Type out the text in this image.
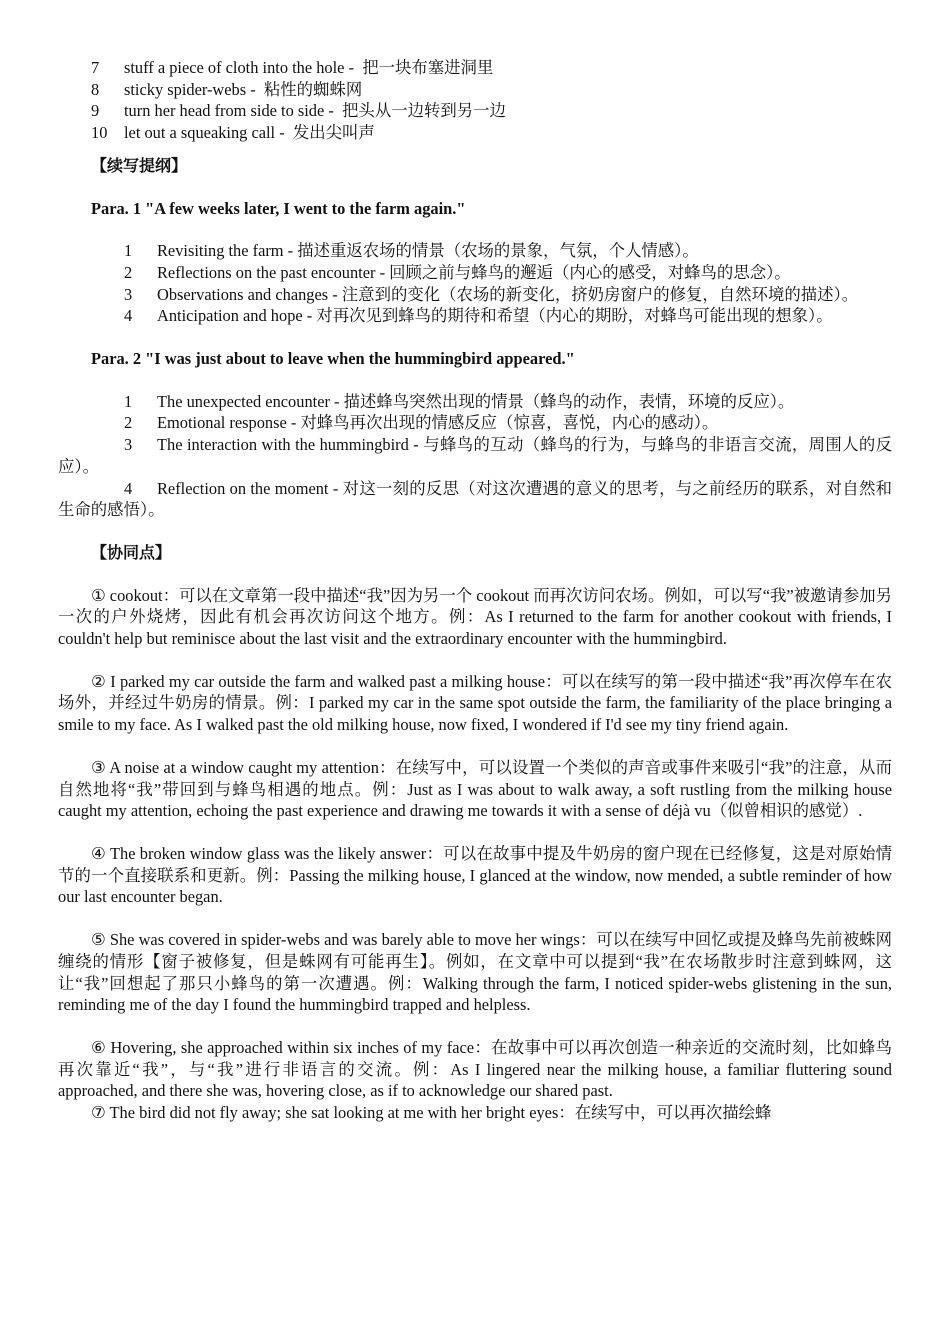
7	stuff a piece of cloth into the hole - 把一块布塞进洞里
8	sticky spider-webs - 粘性的蜘蛛网
9	turn her head from side to side - 把头从一边转到另一边
10	let out a squeaking call - 发出尖叫声
【续写提纲】
Para. 1 "A few weeks later, I went to the farm again."
1 Revisiting the farm - 描述重返农场的情景（农场的景象，气氛，个人情感）。
2 Reflections on the past encounter - 回顾之前与蜂鸟的邂逅（内心的感受，对蜂鸟的思念）。
3 Observations and changes - 注意到的变化（农场的新变化，挤奶房窗户的修复，自然环境的描述）。
4 Anticipation and hope - 对再次见到蜂鸟的期待和希望（内心的期盼，对蜂鸟可能出现的想象）。
Para. 2 "I was just about to leave when the hummingbird appeared."
1 The unexpected encounter - 描述蜂鸟突然出现的情景（蜂鸟的动作，表情，环境的反应）。
2 Emotional response - 对蜂鸟再次出现的情感反应（惊喜，喜悦，内心的感动）。
3 The interaction with the hummingbird - 与蜂鸟的互动（蜂鸟的行为，与蜂鸟的非语言交流，周围人的反应）。
4 Reflection on the moment - 对这一刻的反思（对这次遭遇的意义的思考，与之前经历的联系，对自然和生命的感悟）。
【协同点】

① cookout：可以在文章第一段中描述“我”因为另一个 cookout 而再次访问农场。例如，可以写“我”被邀请参加另一次的户外烧烤，因此有机会再次访问这个地方。例：As I returned to the farm for another cookout with friends, I couldn't help but reminisce about the last visit and the extraordinary encounter with the hummingbird.

② I parked my car outside the farm and walked past a milking house：可以在续写的第一段中描述“我”再次停车在农场外，并经过牛奶房的情景。例：I parked my car in the same spot outside the farm, the familiarity of the place bringing a smile to my face. As I walked past the old milking house, now fixed, I wondered if I'd see my tiny friend again.

③ A noise at a window caught my attention：在续写中，可以设置一个类似的声音或事件来吸引“我”的注意，从而自然地将“我”带回到与蜂鸟相遇的地点。例：Just as I was about to walk away, a soft rustling from the milking house caught my attention, echoing the past experience and drawing me towards it with a sense of déjà vu（似曾相识的感觉）.

④ The broken window glass was the likely answer：可以在故事中提及牛奶房的窗户现在已经修复，这是对原始情节的一个直接联系和更新。例：Passing the milking house, I glanced at the window, now mended, a subtle reminder of how our last encounter began.

⑤ She was covered in spider-webs and was barely able to move her wings：可以在续写中回忆或提及蜂鸟先前被蛛网缠绕的情形【窗子被修复，但是蛛网有可能再生】。例如，在文章中可以提到“我”在农场散步时注意到蛛网，这让“我”回想起了那只小蜂鸟的第一次遭遇。例：Walking through the farm, I noticed spider-webs glistening in the sun, reminding me of the day I found the hummingbird trapped and helpless.

⑥ Hovering, she approached within six inches of my face：在故事中可以再次创造一种亲近的交流时刻，比如蜂鸟再次靠近“我”，与“我”进行非语言的交流。例：As I lingered near the milking house, a familiar fluttering sound approached, and there she was, hovering close, as if to acknowledge our shared past.

⑦ The bird did not fly away; she sat looking at me with her bright eyes：在续写中，可以再次描绘蜂
